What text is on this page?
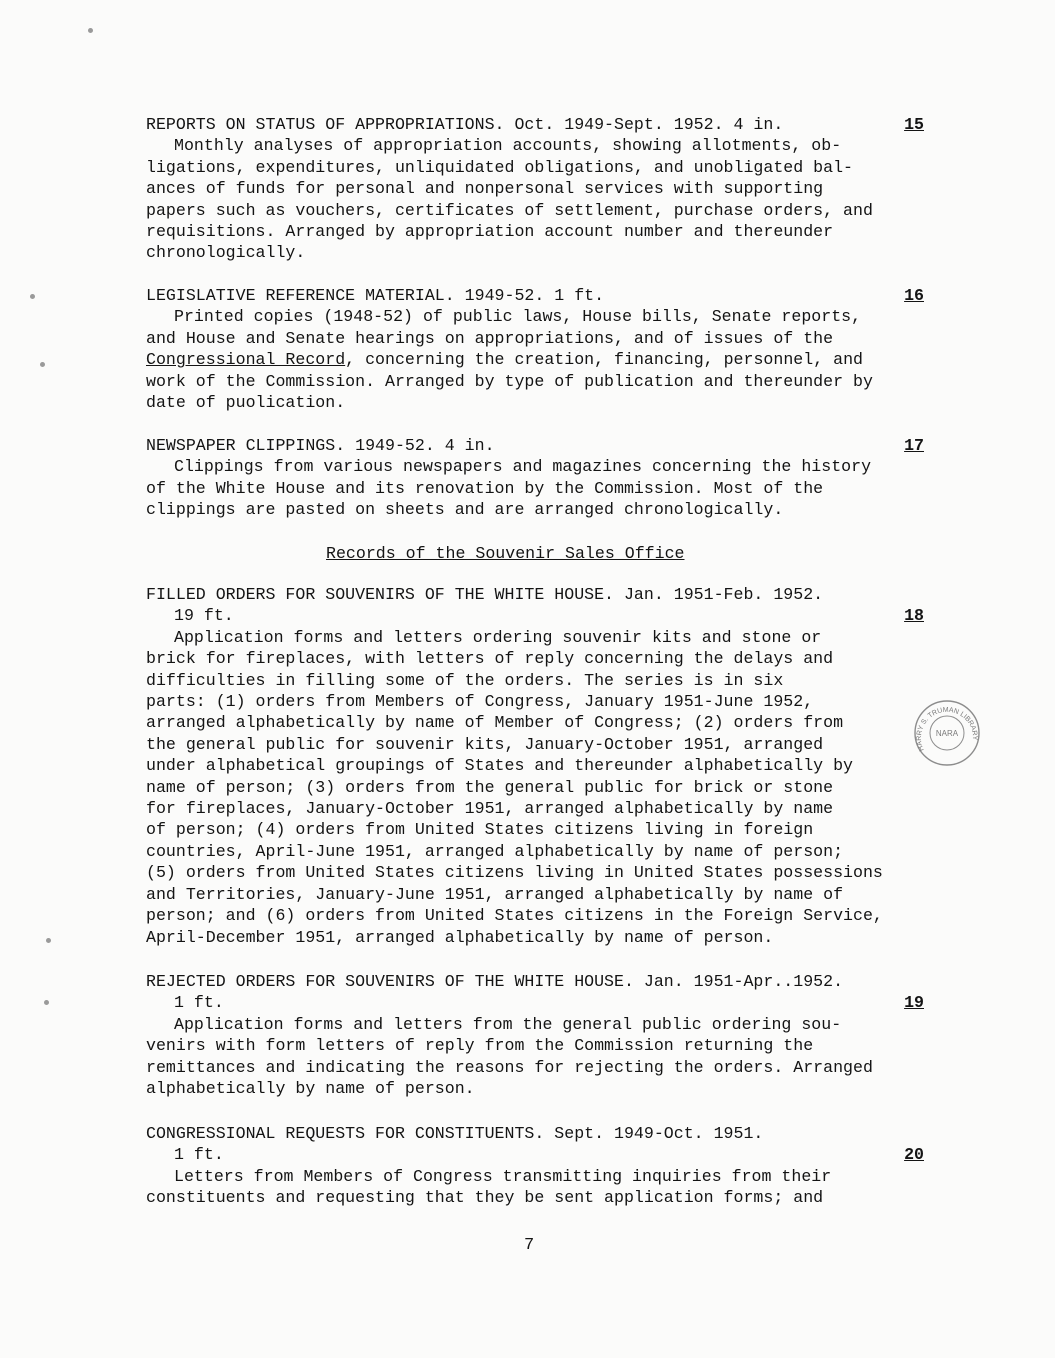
REPORTS ON STATUS OF APPROPRIATIONS. Oct. 1949-Sept. 1952. 4 in.	15

Monthly analyses of appropriation accounts, showing allotments, ob-

ligations, expenditures, unliquidated obligations, and unobligated bal-

ances of funds for personal and nonpersonal services with supporting

papers such as vouchers, certificates of settlement, purchase orders, and

requisitions. Arranged by appropriation account number and thereunder

chronologically.

LEGISLATIVE REFERENCE MATERIAL. 1949-52. 1 ft.	16

Printed copies (1948-52) of public laws, House bills, Senate reports,

and House and Senate hearings on appropriations, and of issues of the

Congressional Record, concerning the creation, financing, personnel, and

work of the Commission. Arranged by type of publication and thereunder by

date of puolication.

NEWSPAPER CLIPPINGS. 1949-52. 4 in.	17

Clippings from various newspapers and magazines concerning the history

of the White House and its renovation by the Commission. Most of the

clippings are pasted on sheets and are arranged chronologically.

Records of the Souvenir Sales Office
FILLED ORDERS FOR SOUVENIRS OF THE WHITE HOUSE. Jan. 1951-Feb. 1952.
19 ft.	18

Application forms and letters ordering souvenir kits and stone or

brick for fireplaces, with letters of reply concerning the delays and

difficulties in filling some of the orders. The series is in six

parts: (1) orders from Members of Congress, January 1951-June 1952,

arranged alphabetically by name of Member of Congress; (2) orders from

the general public for souvenir kits, January-October 1951, arranged

under alphabetical groupings of States and thereunder alphabetically by

name of person; (3) orders from the general public for brick or stone

for fireplaces, January-October 1951, arranged alphabetically by name

of person; (4) orders from United States citizens living in foreign

countries, April-June 1951, arranged alphabetically by name of person;

(5) orders from United States citizens living in United States possessions

and Territories, January-June 1951, arranged alphabetically by name of

person; and (6) orders from United States citizens in the Foreign Service,

April-December 1951, arranged alphabetically by name of person.

REJECTED ORDERS FOR SOUVENIRS OF THE WHITE HOUSE. Jan. 1951-Apr..1952.
1 ft.	19

Application forms and letters from the general public ordering sou-

venirs with form letters of reply from the Commission returning the

remittances and indicating the reasons for rejecting the orders. Arranged

alphabetically by name of person.

CONGRESSIONAL REQUESTS FOR CONSTITUENTS. Sept. 1949-Oct. 1951.
1 ft.	20

Letters from Members of Congress transmitting inquiries from their

constituents and requesting that they be sent application forms; and

7
HARRY S. TRUMAN LIBRARY
NARA
